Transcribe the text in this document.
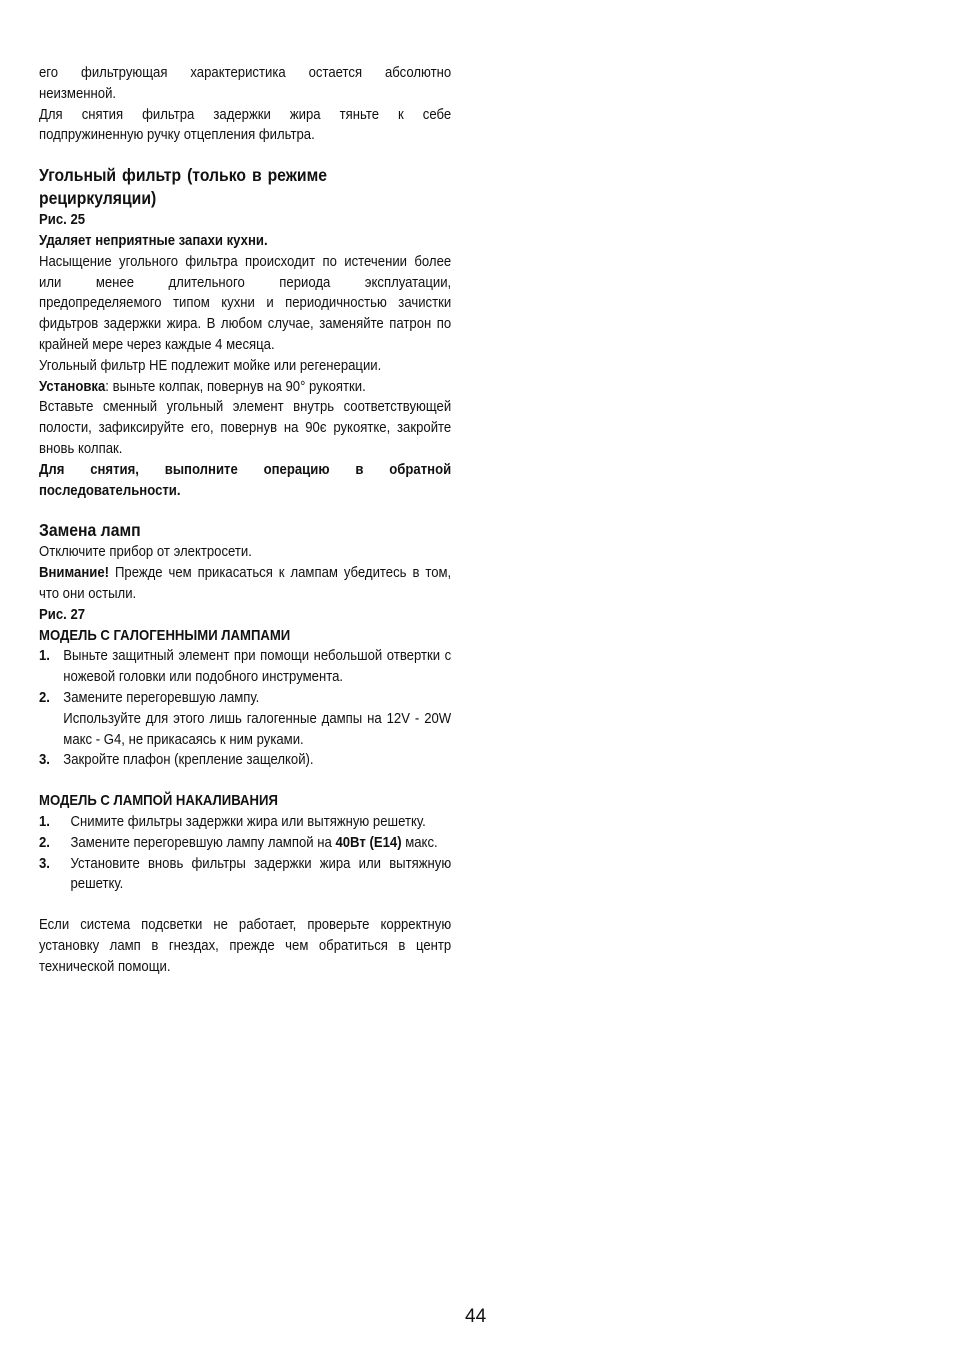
его фильтрующая характеристика остается абсолютно неизменной.

Для снятия фильтра задержки жира тяньте к себе подпружиненную ручку отцепления фильтра.

Угольный фильтр (только в режиме рециркуляции)

Рис. 25

Удаляет неприятные запахи кухни.

Насыщение угольного фильтра происходит по истечении более или менее длительного периода эксплуатации, предопределяемого типом кухни и периодичностью зачистки фидьтров задержки жира. В любом случае, заменяйте патрон по крайней мере через каждые 4 месяца.

Угольный фильтр НЕ подлежит мойке или регенерации.

Установка: выньте колпак, повернув на 90° рукоятки.

Вставьте сменный угольный элемент внутрь соответствующей полости, зафиксируйте его, повернув на 90є рукоятке, закройте вновь колпак.

Для снятия, выполните операцию в обратной последовательности.

Замена ламп

Отключите прибор от электросети.

Внимание! Прежде чем прикасаться к лампам убедитесь в том, что они остыли.

Рис. 27

МОДЕЛЬ С ГАЛОГЕННЫМИ ЛАМПАМИ

1. Выньте защитный элемент при помощи небольшой отвертки с ножевой головки или подобного инструмента.
2. Замените перегоревшую лампу.
Используйте для этого лишь галогенные дампы на 12V - 20W макс - G4, не прикасаясь к ним руками.
3. Закройте плафон (крепление защелкой).

МОДЕЛЬ С ЛАМПОЙ НАКАЛИВАНИЯ

1.	Снимите фильтры задержки жира или вытяжную решетку.
2.	Замените перегоревшую лампу лампой на 40Вт (E14) макс.
3.	Установите вновь фильтры задержки жира или вытяжную решетку.

Если система подсветки не работает, проверьте корректную установку ламп в гнездах, прежде чем обратиться в центр технической помощи.

44
